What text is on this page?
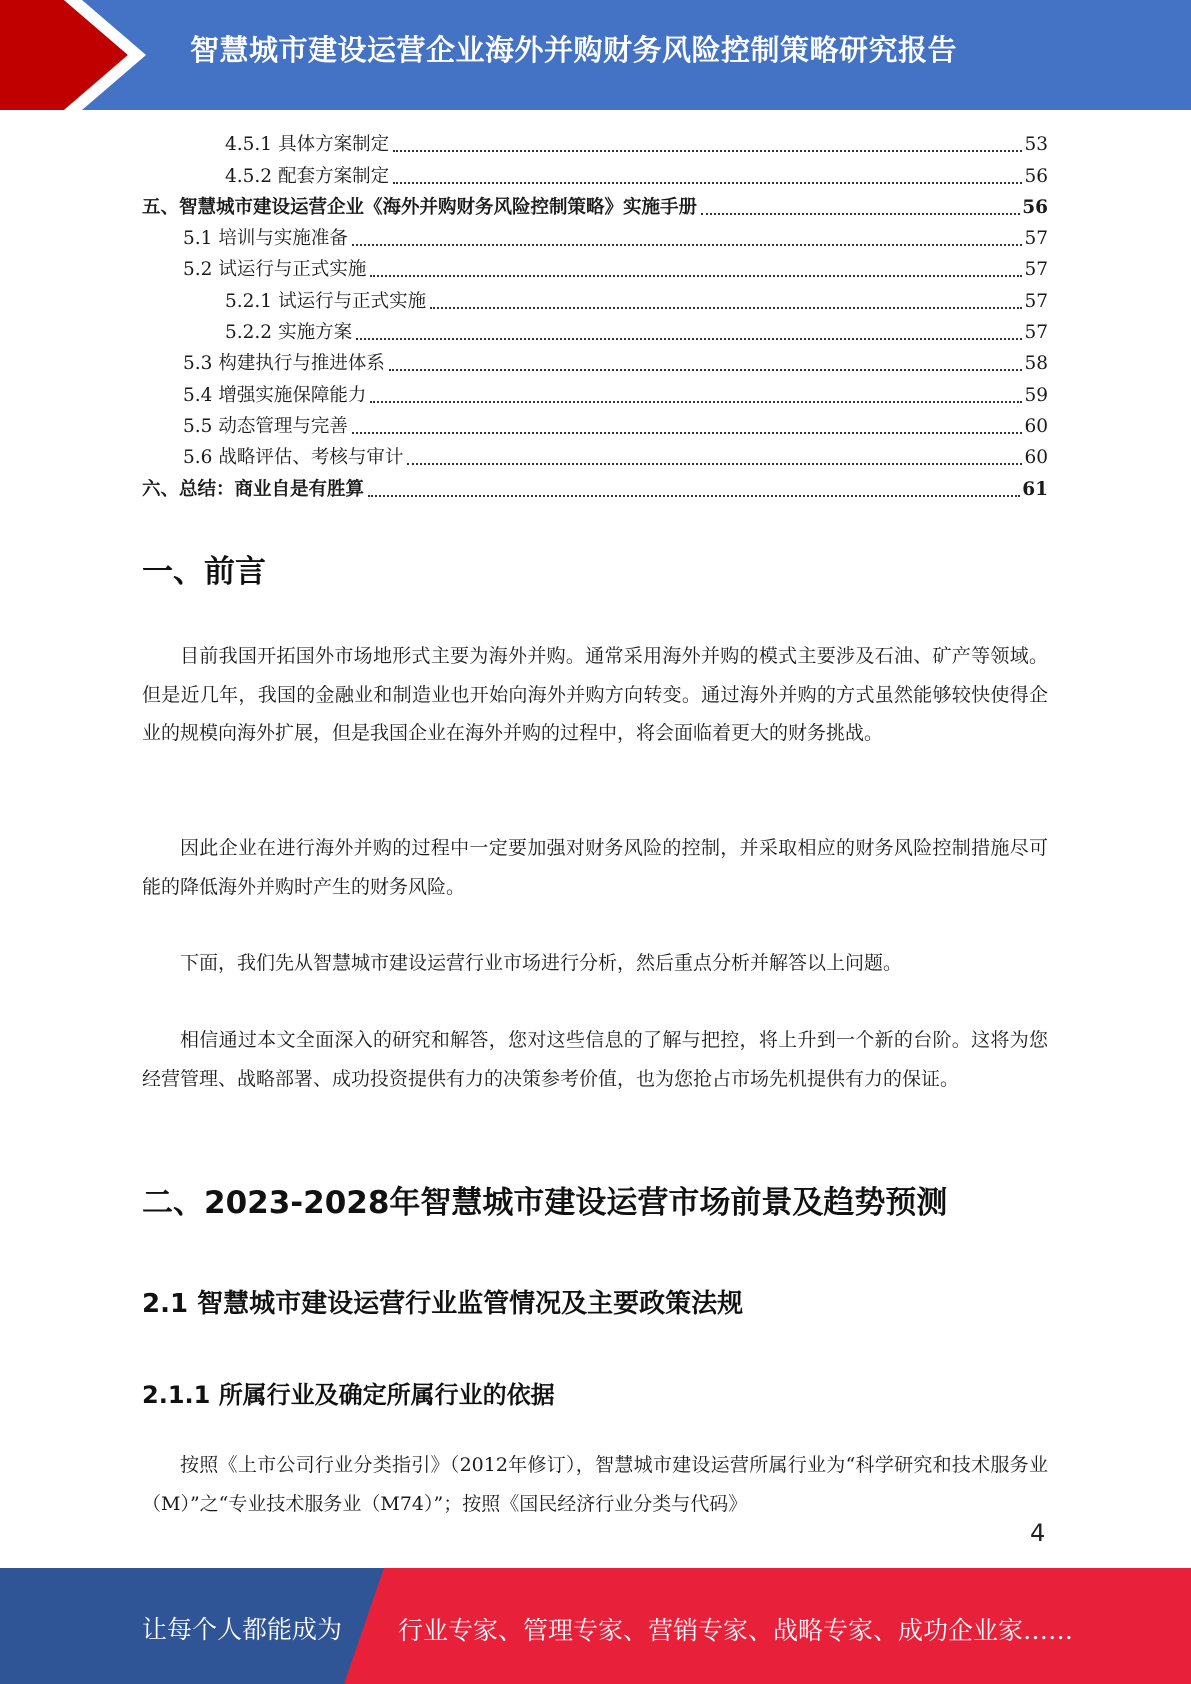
智慧城市建设运营企业海外并购财务风险控制策略研究报告
4.5.1 具体方案制定	53
4.5.2 配套方案制定	56
五、智慧城市建设运营企业《海外并购财务风险控制策略》实施手册	56
5.1 培训与实施准备	57
5.2 试运行与正式实施	57
5.2.1 试运行与正式实施	57
5.2.2 实施方案	57
5.3 构建执行与推进体系	58
5.4 增强实施保障能力	59
5.5 动态管理与完善	60
5.6 战略评估、考核与审计	60
六、总结：商业自是有胜算	61
一、前言
目前我国开拓国外市场地形式主要为海外并购。通常采用海外并购的模式主要涉及石油、矿产等领域。但是近几年，我国的金融业和制造业也开始向海外并购方向转变。通过海外并购的方式虽然能够较快使得企业的规模向海外扩展，但是我国企业在海外并购的过程中，将会面临着更大的财务挑战。
因此企业在进行海外并购的过程中一定要加强对财务风险的控制，并采取相应的财务风险控制措施尽可能的降低海外并购时产生的财务风险。
下面，我们先从智慧城市建设运营行业市场进行分析，然后重点分析并解答以上问题。
相信通过本文全面深入的研究和解答，您对这些信息的了解与把控，将上升到一个新的台阶。这将为您经营管理、战略部署、成功投资提供有力的决策参考价值，也为您抢占市场先机提供有力的保证。
二、2023-2028年智慧城市建设运营市场前景及趋势预测
2.1 智慧城市建设运营行业监管情况及主要政策法规
2.1.1 所属行业及确定所属行业的依据
按照《上市公司行业分类指引》（2012年修订），智慧城市建设运营所属行业为“科学研究和技术服务业（M）”之“专业技术服务业（M74）”；按照《国民经济行业分类与代码》
4
让每个人都能成为 行业专家、管理专家、营销专家、战略专家、成功企业家……
